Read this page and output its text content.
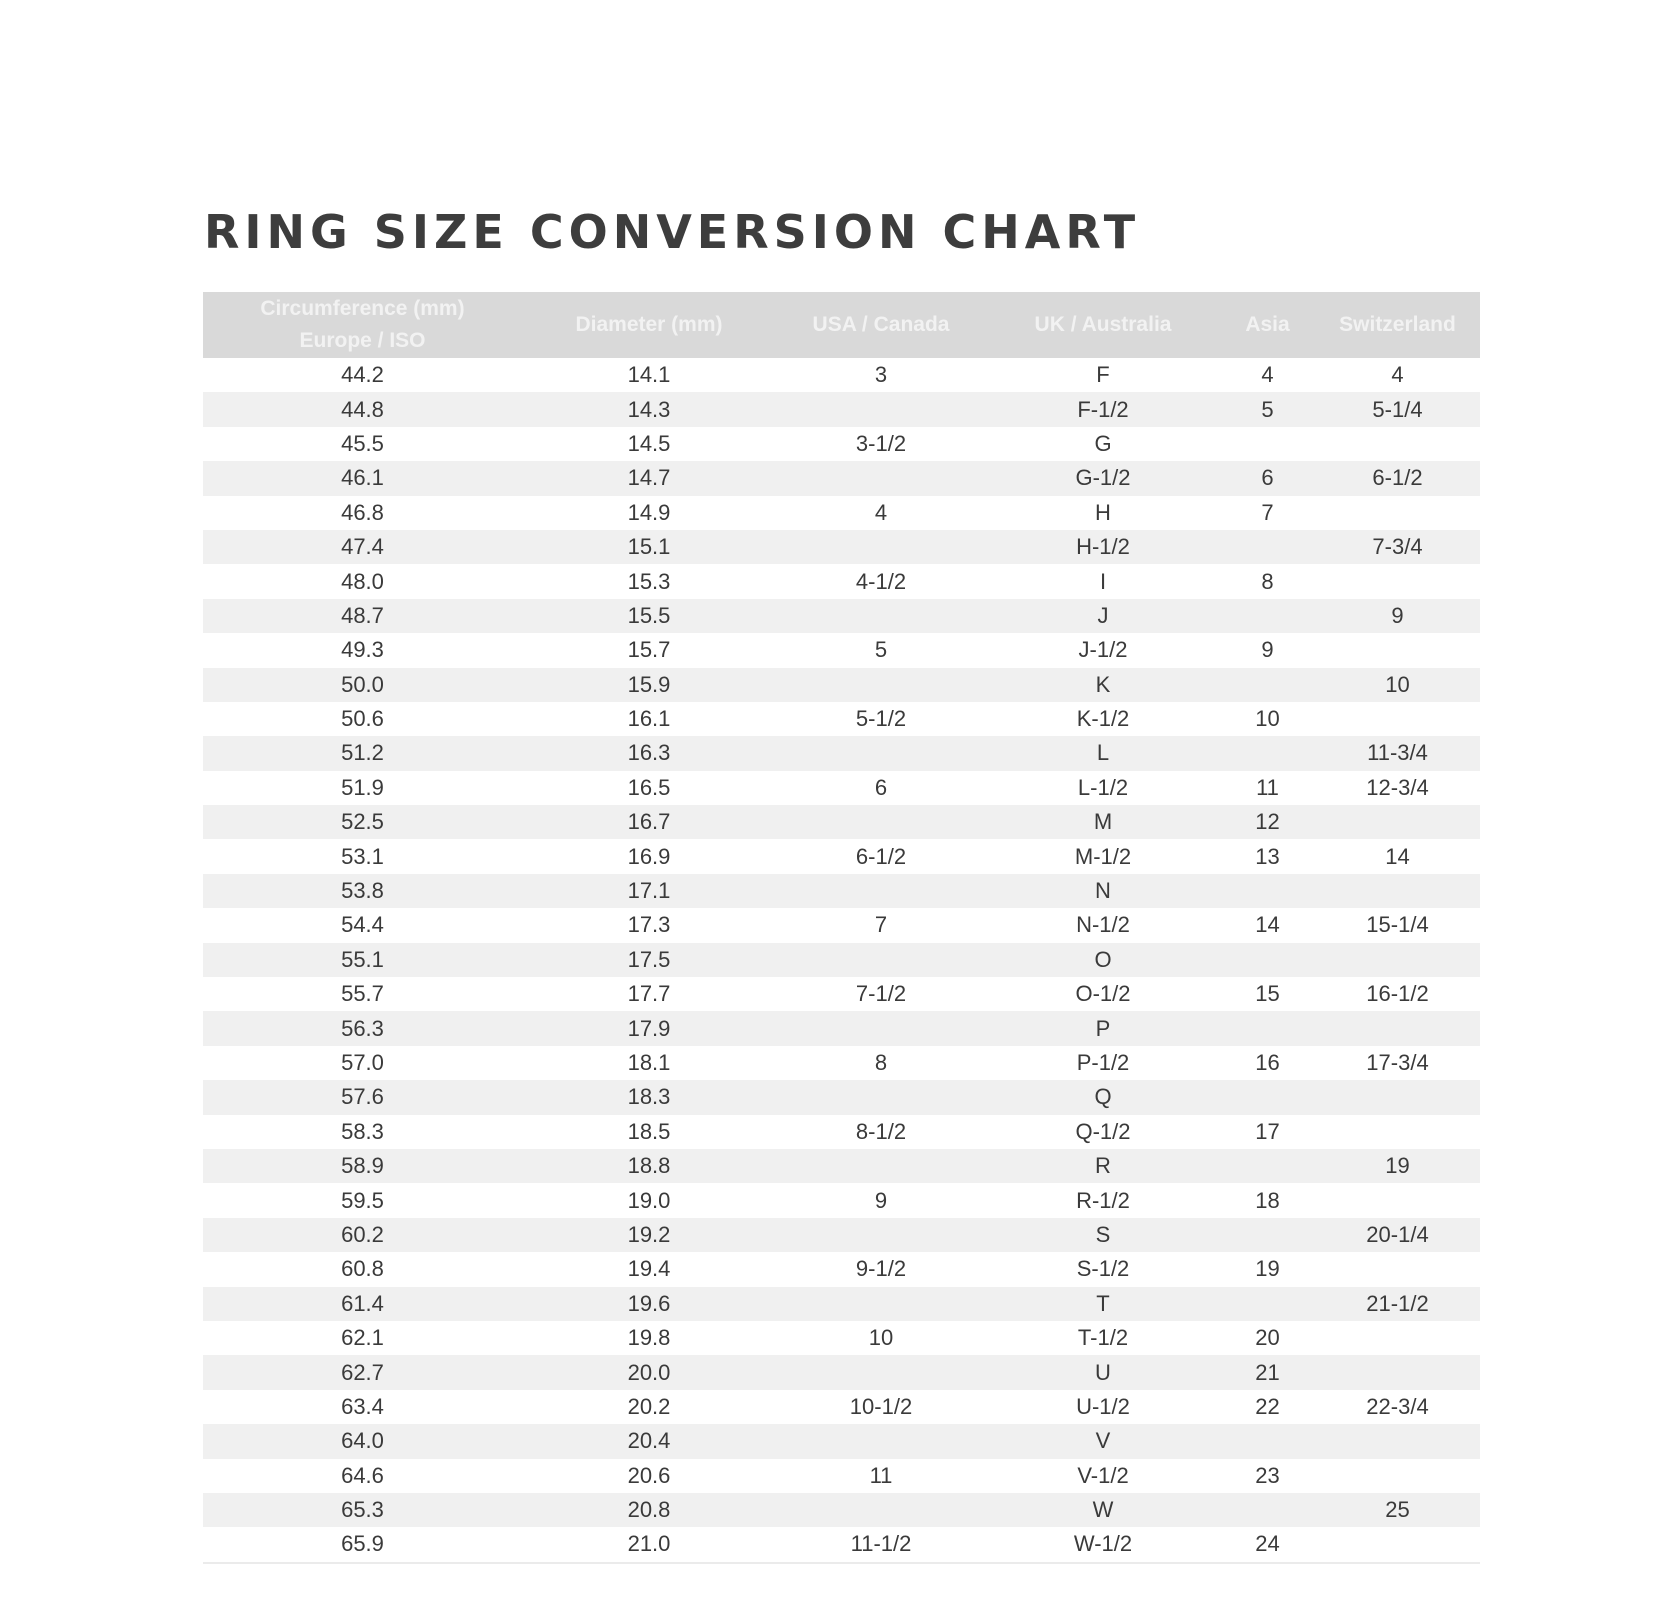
RING SIZE CONVERSION CHART
Circumference (mm)
Europe / ISO	Diameter (mm)	USA / Canada	UK / Australia	Asia	Switzerland
44.2	14.1	3	F	4	4
44.8	14.3		F-1/2	5	5-1/4
45.5	14.5	3-1/2	G		
46.1	14.7		G-1/2	6	6-1/2
46.8	14.9	4	H	7	
47.4	15.1		H-1/2		7-3/4
48.0	15.3	4-1/2	I	8	
48.7	15.5		J		9
49.3	15.7	5	J-1/2	9	
50.0	15.9		K		10
50.6	16.1	5-1/2	K-1/2	10	
51.2	16.3		L		11-3/4
51.9	16.5	6	L-1/2	11	12-3/4
52.5	16.7		M	12	
53.1	16.9	6-1/2	M-1/2	13	14
53.8	17.1		N		
54.4	17.3	7	N-1/2	14	15-1/4
55.1	17.5		O		
55.7	17.7	7-1/2	O-1/2	15	16-1/2
56.3	17.9		P		
57.0	18.1	8	P-1/2	16	17-3/4
57.6	18.3		Q		
58.3	18.5	8-1/2	Q-1/2	17	
58.9	18.8		R		19
59.5	19.0	9	R-1/2	18	
60.2	19.2		S		20-1/4
60.8	19.4	9-1/2	S-1/2	19	
61.4	19.6		T		21-1/2
62.1	19.8	10	T-1/2	20	
62.7	20.0		U	21	
63.4	20.2	10-1/2	U-1/2	22	22-3/4
64.0	20.4		V		
64.6	20.6	11	V-1/2	23	
65.3	20.8		W		25
65.9	21.0	11-1/2	W-1/2	24	
